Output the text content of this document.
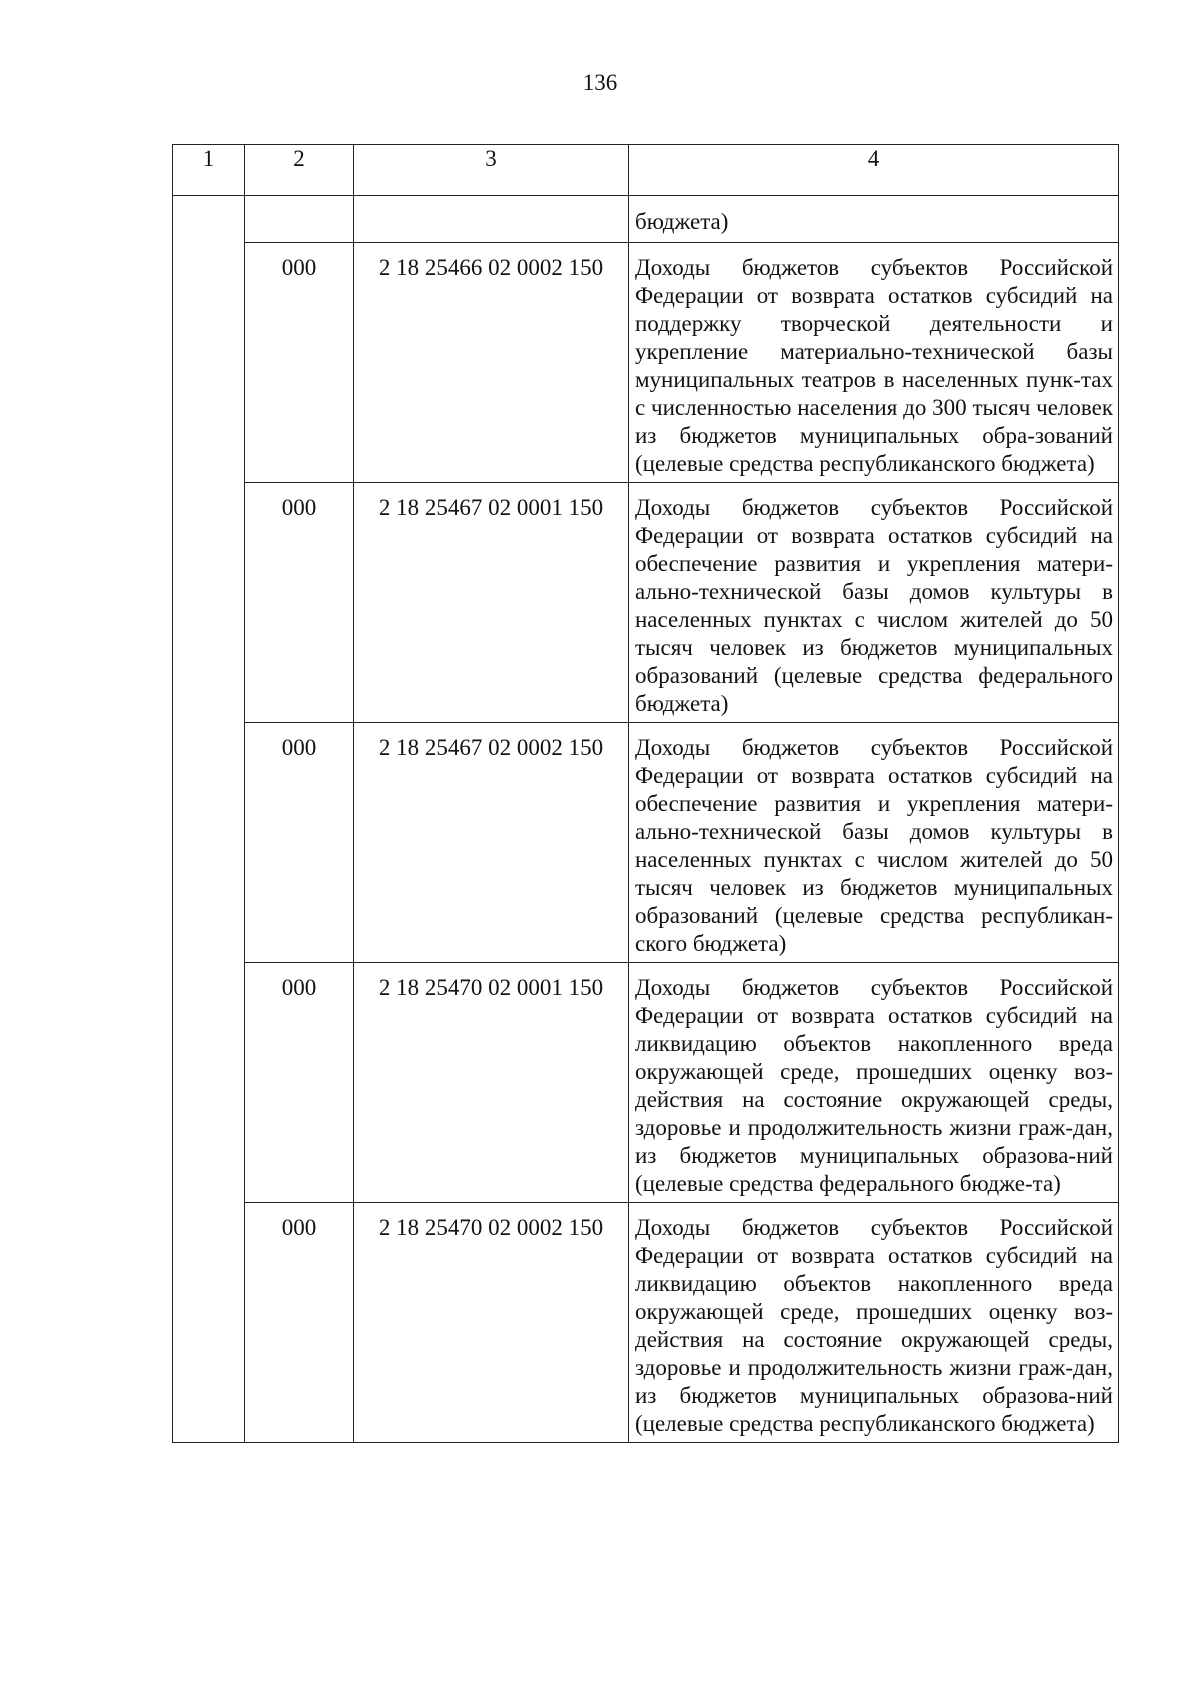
136
1	2	3	4

			бюджета)

	000	2 18 25466 02 0002 150	Доходы бюджетов субъектов Российской Федерации от возврата остатков субсидий на поддержку творческой деятельности и укрепление материально-технической базы муниципальных театров в населенных пунк-тах с численностью населения до 300 тысяч человек из бюджетов муниципальных обра-зований (целевые средства республиканского бюджета)

	000	2 18 25467 02 0001 150	Доходы бюджетов субъектов Российской Федерации от возврата остатков субсидий на обеспечение развития и укрепления матери-ально-технической базы домов культуры в населенных пунктах с числом жителей до 50 тысяч человек из бюджетов муниципальных образований (целевые средства федерального бюджета)

	000	2 18 25467 02 0002 150	Доходы бюджетов субъектов Российской Федерации от возврата остатков субсидий на обеспечение развития и укрепления матери-ально-технической базы домов культуры в населенных пунктах с числом жителей до 50 тысяч человек из бюджетов муниципальных образований (целевые средства республикан-ского бюджета)

	000	2 18 25470 02 0001 150	Доходы бюджетов субъектов Российской Федерации от возврата остатков субсидий на ликвидацию объектов накопленного вреда окружающей среде, прошедших оценку воз-действия на состояние окружающей среды, здоровье и продолжительность жизни граж-дан, из бюджетов муниципальных образова-ний (целевые средства федерального бюдже-та)

	000	2 18 25470 02 0002 150	Доходы бюджетов субъектов Российской Федерации от возврата остатков субсидий на ликвидацию объектов накопленного вреда окружающей среде, прошедших оценку воз-действия на состояние окружающей среды, здоровье и продолжительность жизни граж-дан, из бюджетов муниципальных образова-ний (целевые средства республиканского бюджета)
